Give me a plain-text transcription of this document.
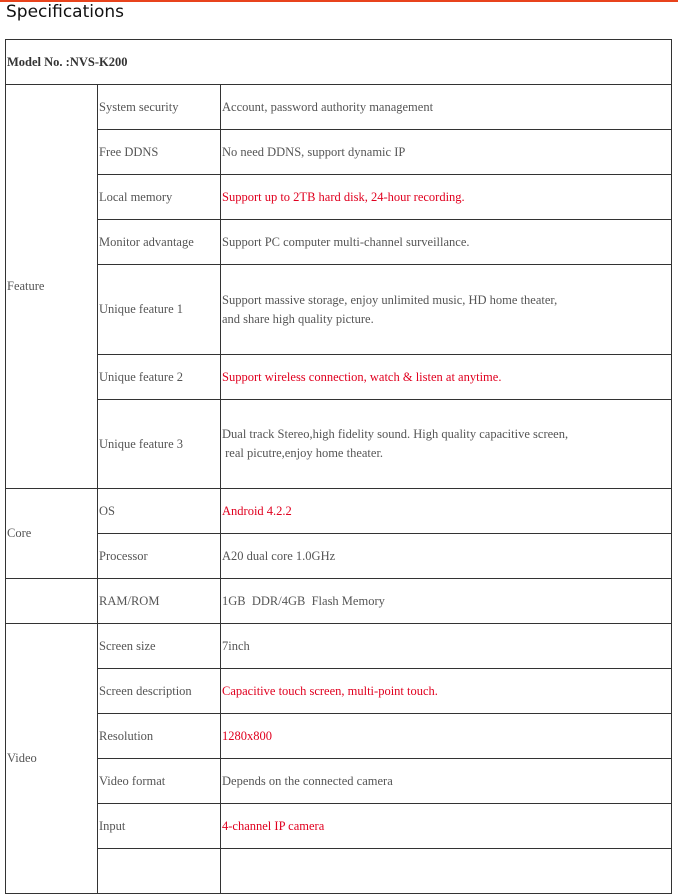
Specifications
Model No. :NVS-K200		
Feature	System security	Account, password authority management
	Free DDNS	No need DDNS, support dynamic IP
	Local memory	Support up to 2TB hard disk, 24-hour recording.
	Monitor advantage	Support PC computer multi-channel surveillance.
	Unique feature 1	Support massive storage, enjoy unlimited music, HD home theater,
and share high quality picture.
	Unique feature 2	Support wireless connection, watch & listen at anytime.
	Unique feature 3	Dual track Stereo,high fidelity sound. High quality capacitive screen,
real picutre,enjoy home theater.
Core	OS	Android 4.2.2
	Processor	A20 dual core 1.0GHz
	RAM/ROM	1GB  DDR/4GB  Flash Memory
Video	Screen size	7inch
	Screen description	Capacitive touch screen, multi-point touch.
	Resolution	1280x800
	Video format	Depends on the connected camera
	Input	4-channel IP camera
